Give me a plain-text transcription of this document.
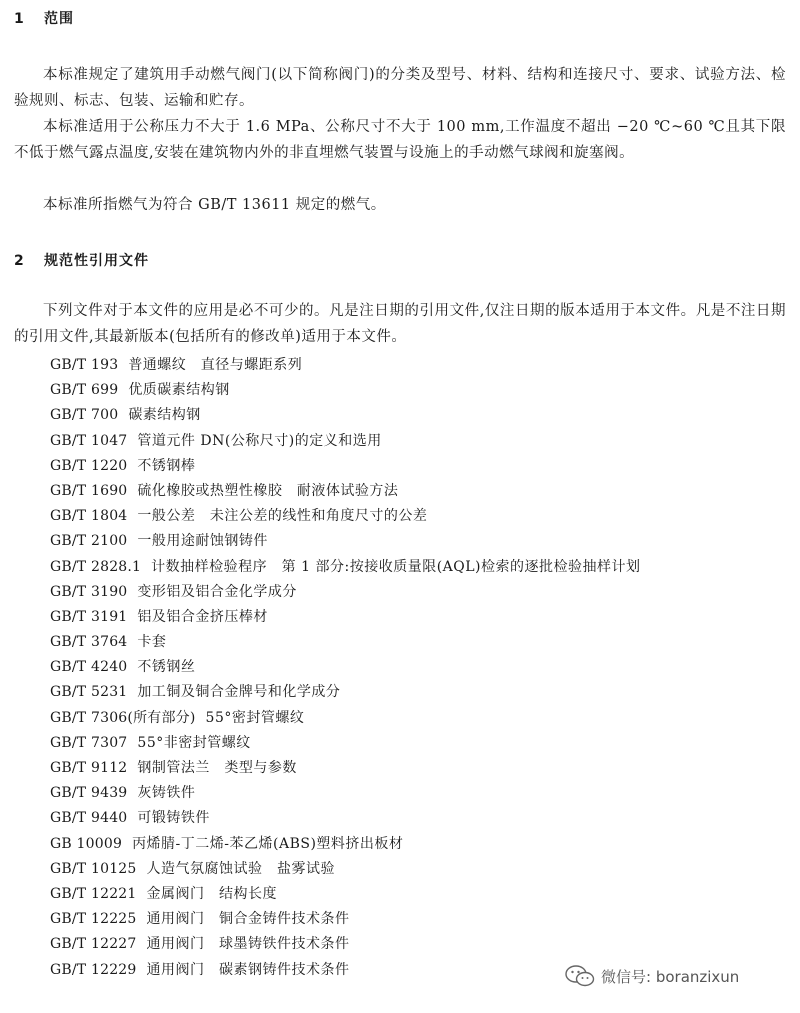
1 范围

本标准规定了建筑用手动燃气阀门(以下简称阀门)的分类及型号、材料、结构和连接尺寸、要求、试验方法、检验规则、标志、包装、运输和贮存。

本标准适用于公称压力不大于 1.6 MPa、公称尺寸不大于 100 mm,工作温度不超出 −20 ℃~60 ℃且其下限不低于燃气露点温度,安装在建筑物内外的非直埋燃气装置与设施上的手动燃气球阀和旋塞阀。

本标准所指燃气为符合 GB/T 13611 规定的燃气。

2 规范性引用文件

下列文件对于本文件的应用是必不可少的。凡是注日期的引用文件,仅注日期的版本适用于本文件。凡是不注日期的引用文件,其最新版本(包括所有的修改单)适用于本文件。

GB/T 193 普通螺纹　直径与螺距系列
GB/T 699 优质碳素结构钢
GB/T 700 碳素结构钢
GB/T 1047 管道元件 DN(公称尺寸)的定义和选用
GB/T 1220 不锈钢棒
GB/T 1690 硫化橡胶或热塑性橡胶　耐液体试验方法
GB/T 1804 一般公差　未注公差的线性和角度尺寸的公差
GB/T 2100 一般用途耐蚀钢铸件
GB/T 2828.1 计数抽样检验程序　第 1 部分:按接收质量限(AQL)检索的逐批检验抽样计划
GB/T 3190 变形铝及铝合金化学成分
GB/T 3191 铝及铝合金挤压棒材
GB/T 3764 卡套
GB/T 4240 不锈钢丝
GB/T 5231 加工铜及铜合金牌号和化学成分
GB/T 7306(所有部分) 55°密封管螺纹
GB/T 7307 55°非密封管螺纹
GB/T 9112 钢制管法兰　类型与参数
GB/T 9439 灰铸铁件
GB/T 9440 可锻铸铁件
GB 10009 丙烯腈-丁二烯-苯乙烯(ABS)塑料挤出板材
GB/T 10125 人造气氛腐蚀试验　盐雾试验
GB/T 12221 金属阀门　结构长度
GB/T 12225 通用阀门　铜合金铸件技术条件
GB/T 12227 通用阀门　球墨铸铁件技术条件
GB/T 12229 通用阀门　碳素钢铸件技术条件	微信号: boranzixun
